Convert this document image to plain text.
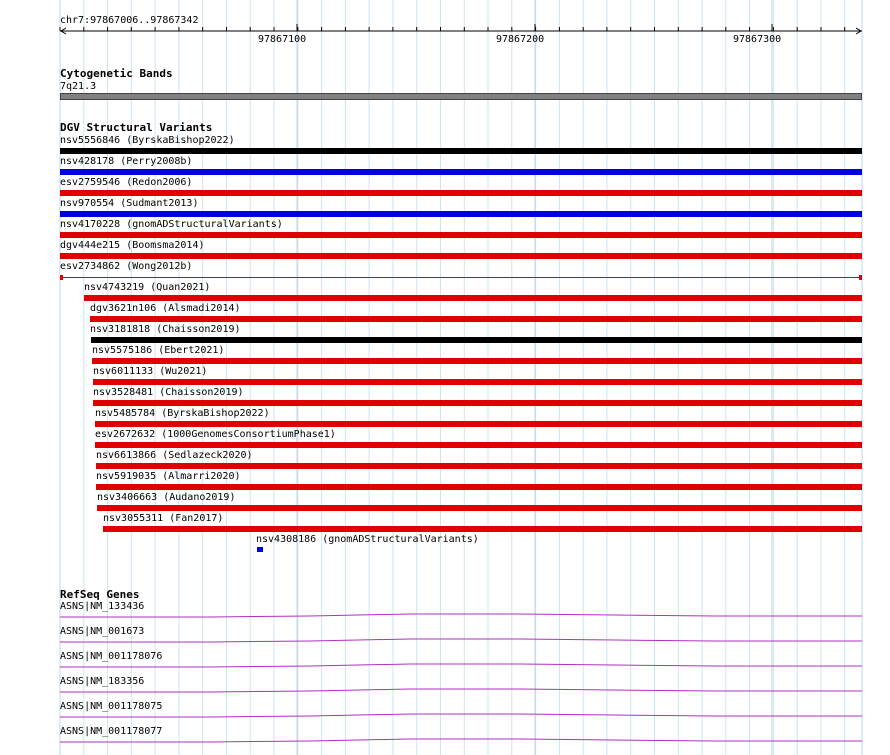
chr7:97867006..97867342
97867100	97867200	97867300
Cytogenetic Bands
7q21.3
DGV Structural Variants
nsv5556846 (ByrskaBishop2022)
nsv428178 (Perry2008b)
esv2759546 (Redon2006)
nsv970554 (Sudmant2013)
nsv4170228 (gnomADStructuralVariants)
dgv444e215 (Boomsma2014)
esv2734862 (Wong2012b)
nsv4743219 (Quan2021)
dgv3621n106 (Alsmadi2014)
nsv3181818 (Chaisson2019)
nsv5575186 (Ebert2021)
nsv6011133 (Wu2021)
nsv3528481 (Chaisson2019)
nsv5485784 (ByrskaBishop2022)
esv2672632 (1000GenomesConsortiumPhase1)
nsv6613866 (Sedlazeck2020)
nsv5919035 (Almarri2020)
nsv3406663 (Audano2019)
nsv3055311 (Fan2017)
nsv4308186 (gnomADStructuralVariants)
RefSeq Genes
ASNS|NM_133436
ASNS|NM_001673
ASNS|NM_001178076
ASNS|NM_183356
ASNS|NM_001178075
ASNS|NM_001178077
